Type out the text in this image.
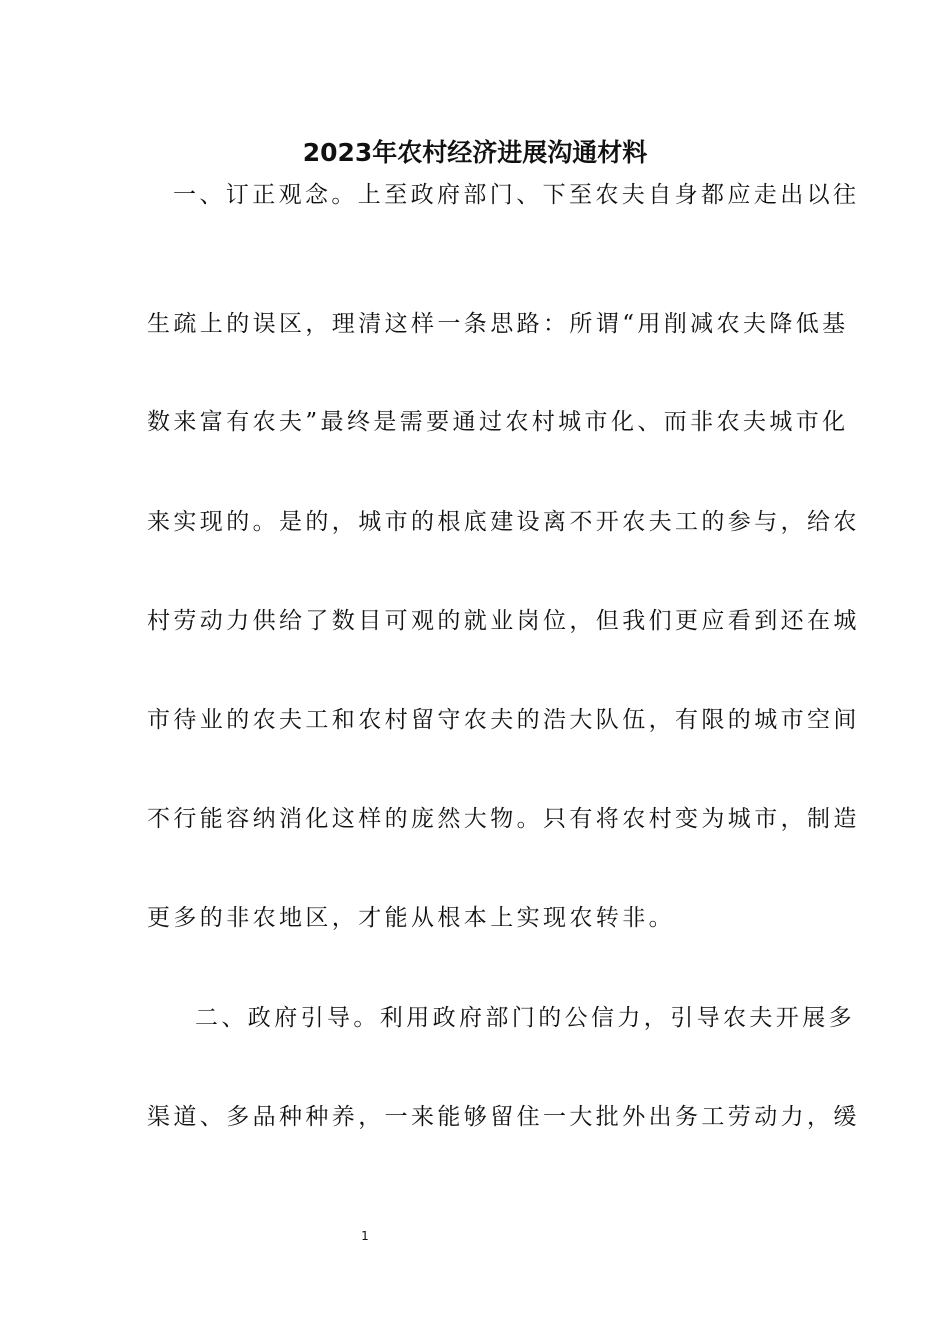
2023年农村经济进展沟通材料

一、订正观念。上至政府部门、下至农夫自身都应走出以往

生疏上的误区，理清这样一条思路：所谓“用削减农夫降低基

数来富有农夫”最终是需要通过农村城市化、而非农夫城市化

来实现的。是的，城市的根底建设离不开农夫工的参与，给农

村劳动力供给了数目可观的就业岗位，但我们更应看到还在城

市待业的农夫工和农村留守农夫的浩大队伍，有限的城市空间

不行能容纳消化这样的庞然大物。只有将农村变为城市，制造

更多的非农地区，才能从根本上实现农转非。

二、政府引导。利用政府部门的公信力，引导农夫开展多

渠道、多品种种养，一来能够留住一大批外出务工劳动力，缓

1
